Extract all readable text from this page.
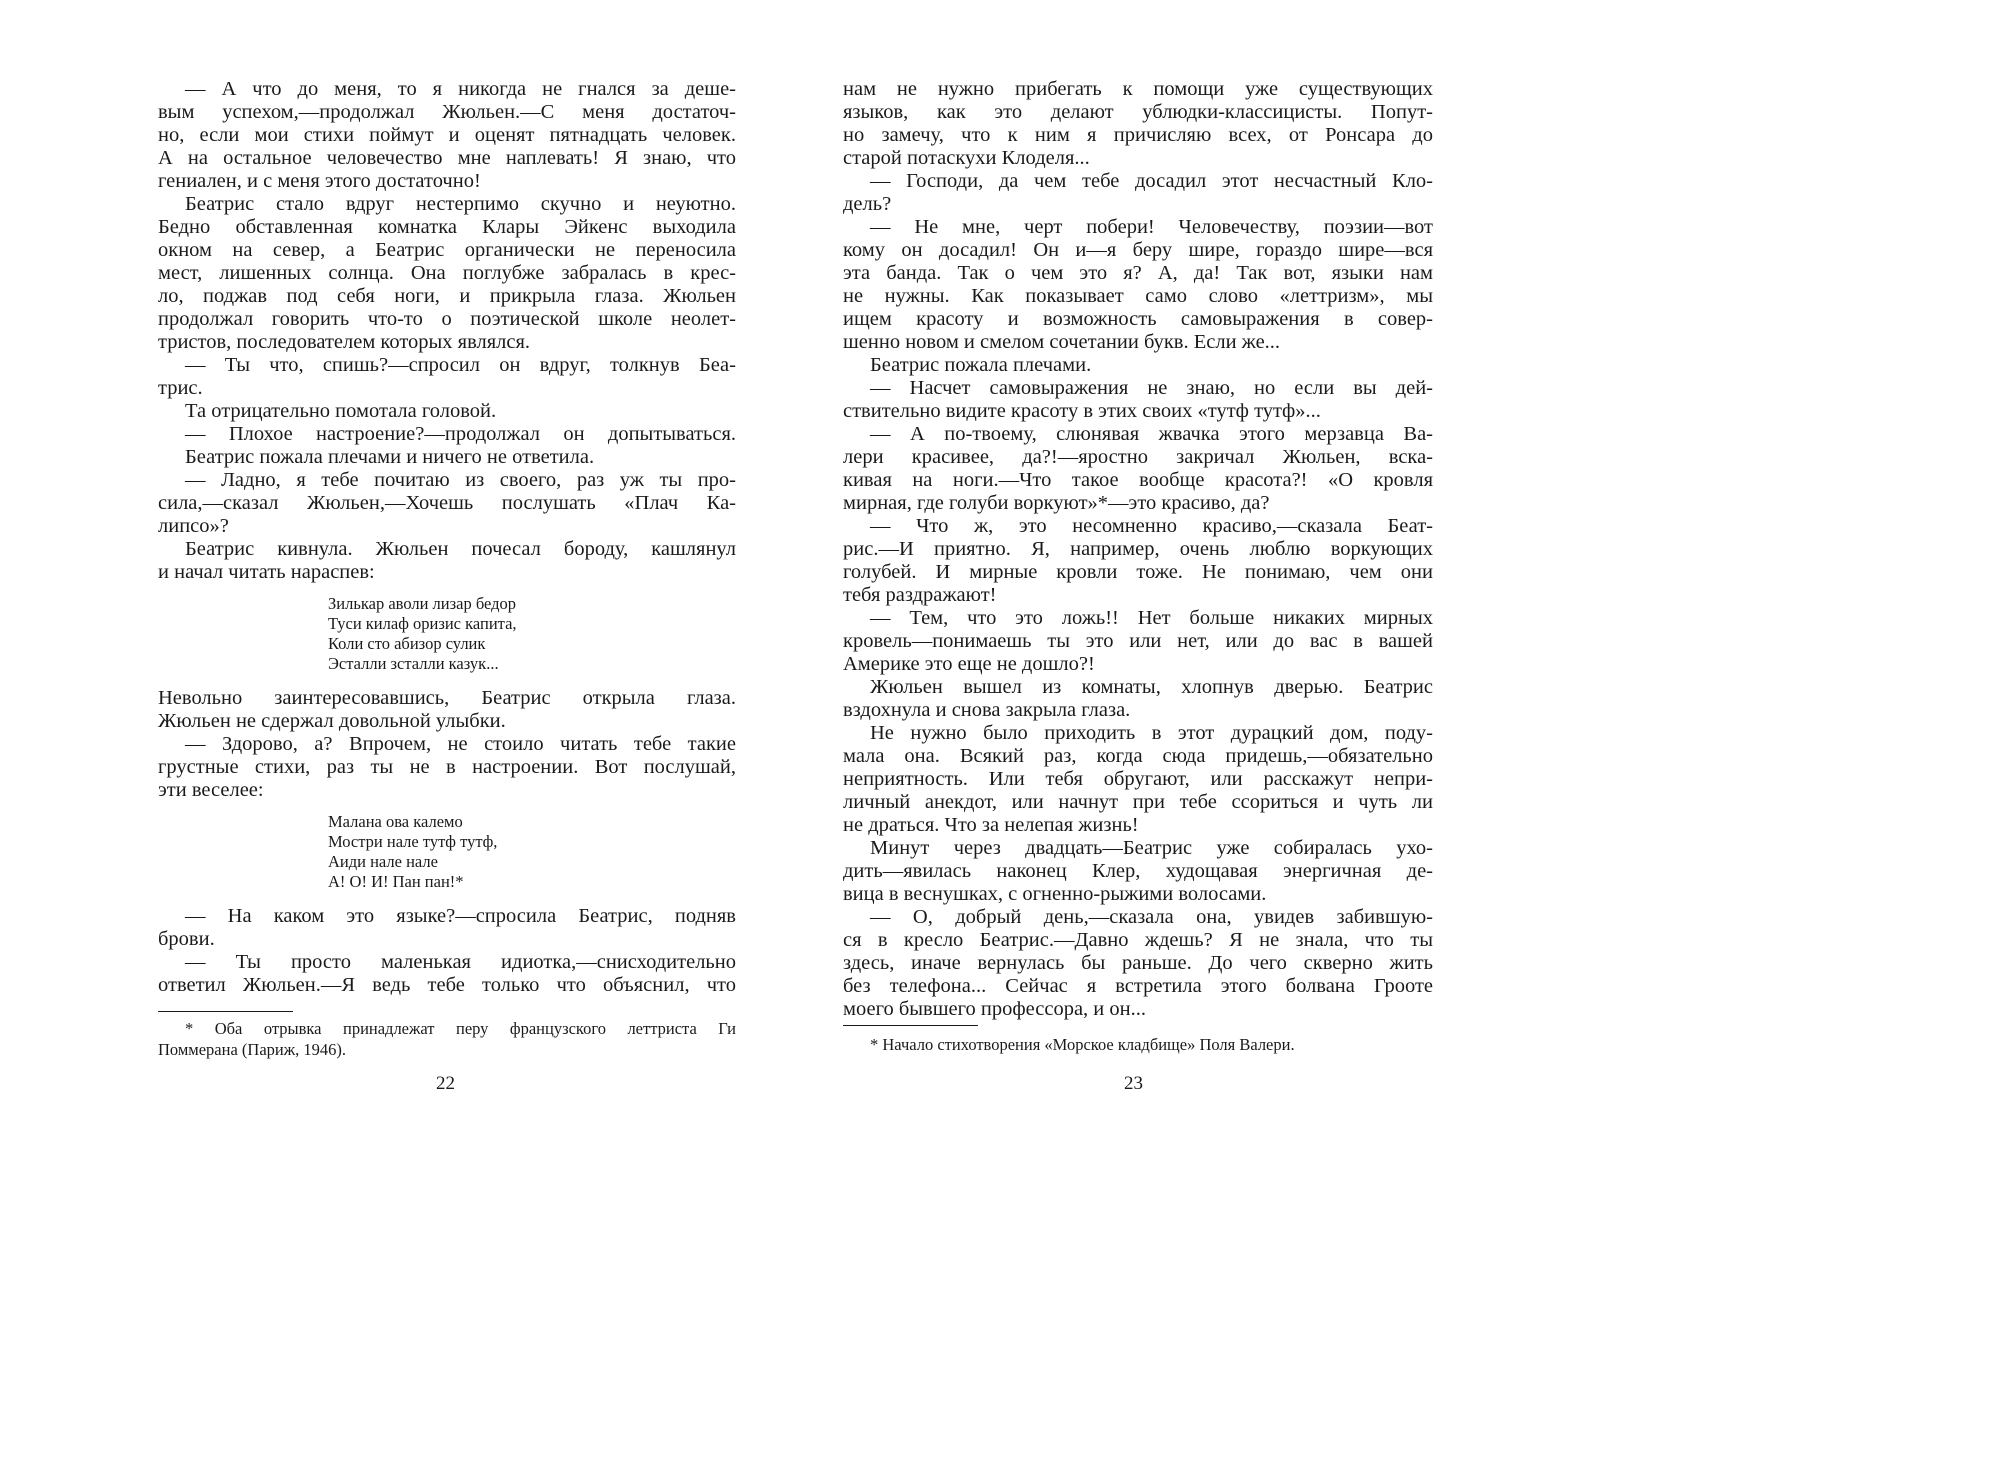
— А что до меня, то я никогда не гнался за деше-
вым успехом,—продолжал Жюльен.—С меня достаточ-
но, если мои стихи поймут и оценят пятнадцать человек.
А на остальное человечество мне наплевать! Я знаю, что
гениален, и с меня этого достаточно!
Беатрис стало вдруг нестерпимо скучно и неуютно.
Бедно обставленная комнатка Клары Эйкенс выходила
окном на север, а Беатрис органически не переносила
мест, лишенных солнца. Она поглубже забралась в крес-
ло, поджав под себя ноги, и прикрыла глаза. Жюльен
продолжал говорить что-то о поэтической школе неолет-
тристов, последователем которых являлся.
— Ты что, спишь?—спросил он вдруг, толкнув Беа-
трис.
Та отрицательно помотала головой.
— Плохое настроение?—продолжал он допытываться.
Беатрис пожала плечами и ничего не ответила.
— Ладно, я тебе почитаю из своего, раз уж ты про-
сила,—сказал Жюльен,—Хочешь послушать «Плач Ка-
липсо»?
Беатрис кивнула. Жюльен почесал бороду, кашлянул
и начал читать нараспев:
Зилькар аволи лизар бедор
Туси килаф оризис капита,
Коли сто абизор сулик
Эсталли зсталли казук...
Невольно заинтересовавшись, Беатрис открыла глаза.
Жюльен не сдержал довольной улыбки.
— Здорово, а? Впрочем, не стоило читать тебе такие
грустные стихи, раз ты не в настроении. Вот послушай,
эти веселее:
Малана ова калемо
Мостри нале тутф тутф,
Аиди нале нале
А! О! И! Пан пан!*
— На каком это языке?—спросила Беатрис, подняв
брови.
— Ты просто маленькая идиотка,—снисходительно
ответил Жюльен.—Я ведь тебе только что объяснил, что
* Оба отрывка принадлежат перу французского леттриста Ги
Поммерана (Париж, 1946).
нам не нужно прибегать к помощи уже существующих
языков, как это делают ублюдки-классицисты. Попут-
но замечу, что к ним я причисляю всех, от Ронсара до
старой потаскухи Клоделя...
— Господи, да чем тебе досадил этот несчастный Кло-
дель?
— Не мне, черт побери! Человечеству, поэзии—вот
кому он досадил! Он и—я беру шире, гораздо шире—вся
эта банда. Так о чем это я? А, да! Так вот, языки нам
не нужны. Как показывает само слово «леттризм», мы
ищем красоту и возможность самовыражения в совер-
шенно новом и смелом сочетании букв. Если же...
Беатрис пожала плечами.
— Насчет самовыражения не знаю, но если вы дей-
ствительно видите красоту в этих своих «тутф тутф»...
— А по-твоему, слюнявая жвачка этого мерзавца Ва-
лери красивее, да?!—яростно закричал Жюльен, вска-
кивая на ноги.—Что такое вообще красота?! «О кровля
мирная, где голуби воркуют»*—это красиво, да?
— Что ж, это несомненно красиво,—сказала Беат-
рис.—И приятно. Я, например, очень люблю воркующих
голубей. И мирные кровли тоже. Не понимаю, чем они
тебя раздражают!
— Тем, что это ложь!! Нет больше никаких мирных
кровель—понимаешь ты это или нет, или до вас в вашей
Америке это еще не дошло?!
Жюльен вышел из комнаты, хлопнув дверью. Беатрис
вздохнула и снова закрыла глаза.
Не нужно было приходить в этот дурацкий дом, поду-
мала она. Всякий раз, когда сюда придешь,—обязательно
неприятность. Или тебя обругают, или расскажут непри-
личный анекдот, или начнут при тебе ссориться и чуть ли
не драться. Что за нелепая жизнь!
Минут через двадцать—Беатрис уже собиралась ухо-
дить—явилась наконец Клер, худощавая энергичная де-
вица в веснушках, с огненно-рыжими волосами.
— О, добрый день,—сказала она, увидев забившую-
ся в кресло Беатрис.—Давно ждешь? Я не знала, что ты
здесь, иначе вернулась бы раньше. До чего скверно жить
без телефона... Сейчас я встретила этого болвана Гроотe
моего бывшего профессора, и он...
* Начало стихотворения «Морское кладбище» Поля Валери.
22	23
